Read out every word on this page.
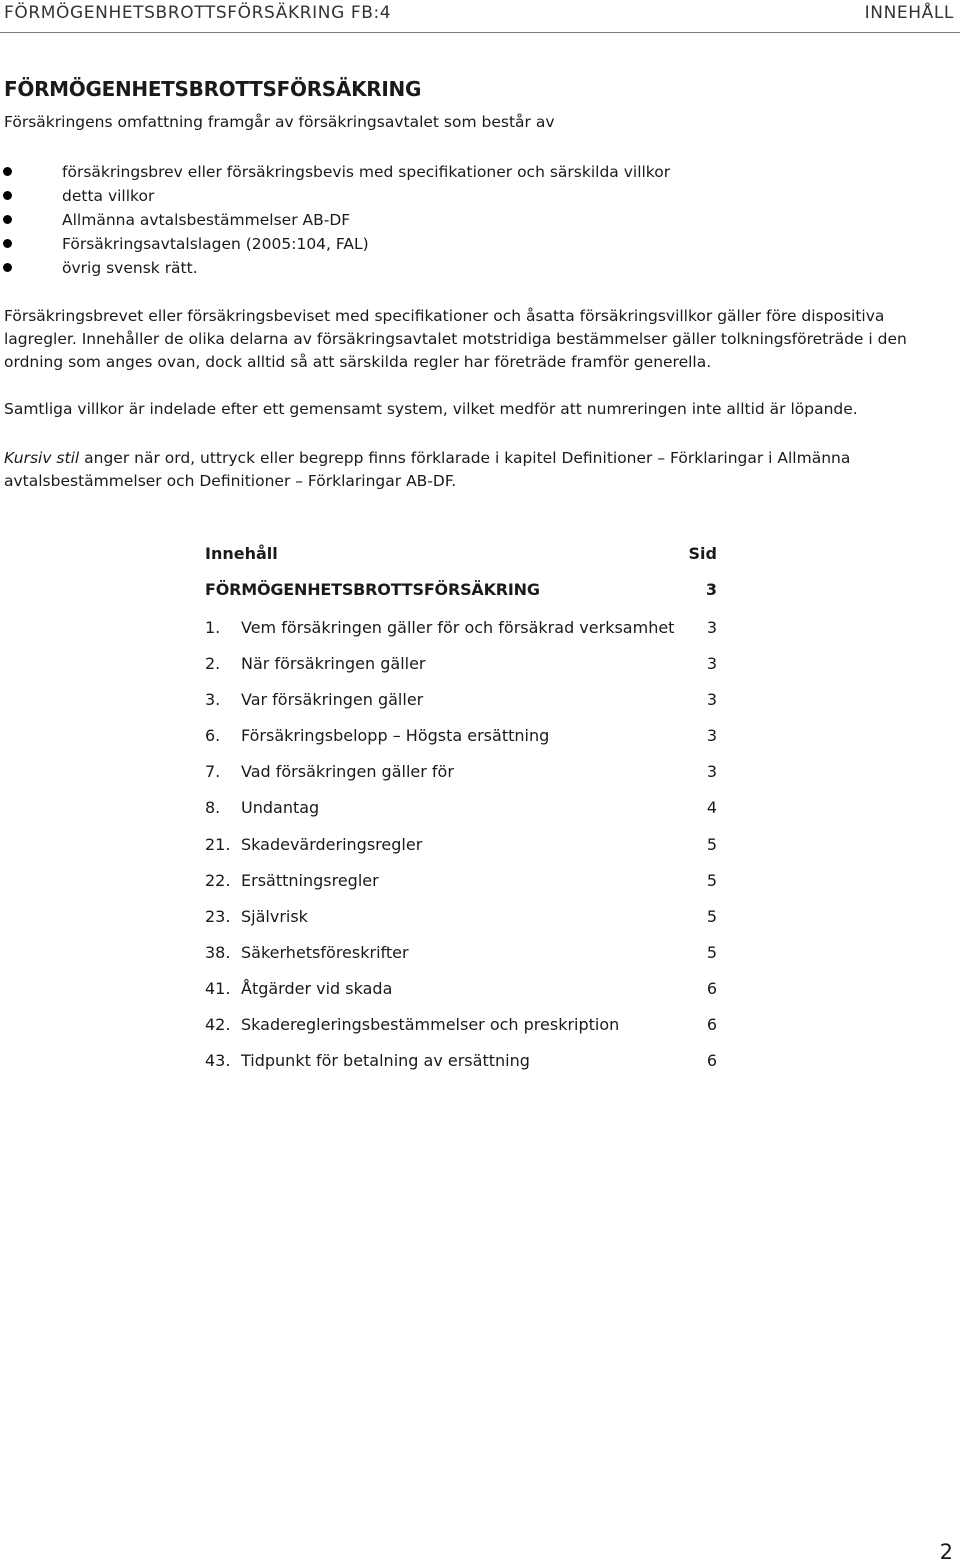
FÖRMÖGENHETSBROTTSFÖRSÄKRING FB:4	INNEHÅLL
FÖRMÖGENHETSBROTTSFÖRSÄKRING
Försäkringens omfattning framgår av försäkringsavtalet som består av
försäkringsbrev eller försäkringsbevis med specifikationer och särskilda villkor
detta villkor
Allmänna avtalsbestämmelser AB-DF
Försäkringsavtalslagen (2005:104, FAL)
övrig svensk rätt.
Försäkringsbrevet eller försäkringsbeviset med specifikationer och åsatta försäkringsvillkor gäller före dispositiva lagregler. Innehåller de olika delarna av försäkringsavtalet motstridiga bestämmelser gäller tolkningsföreträde i den ordning som anges ovan, dock alltid så att särskilda regler har företräde framför generella.
Samtliga villkor är indelade efter ett gemensamt system, vilket medför att numreringen inte alltid är löpande.
Kursiv stil anger när ord, uttryck eller begrepp finns förklarade i kapitel Definitioner – Förklaringar i Allmänna avtalsbestämmelser och Definitioner – Förklaringar AB-DF.
Innehåll	Sid
FÖRMÖGENHETSBROTTSFÖRSÄKRING	3
1. Vem försäkringen gäller för och försäkrad verksamhet 3
2. När försäkringen gäller	3
3. Var försäkringen gäller	3
6. Försäkringsbelopp – Högsta ersättning	3
7. Vad försäkringen gäller för	3
8. Undantag	4
21. Skadevärderingsregler	5
22. Ersättningsregler	5
23. Självrisk	5
38. Säkerhetsföreskrifter	5
41. Åtgärder vid skada	6
42. Skaderegleringsbestämmelser och preskription	6
43. Tidpunkt för betalning av ersättning	6
2
